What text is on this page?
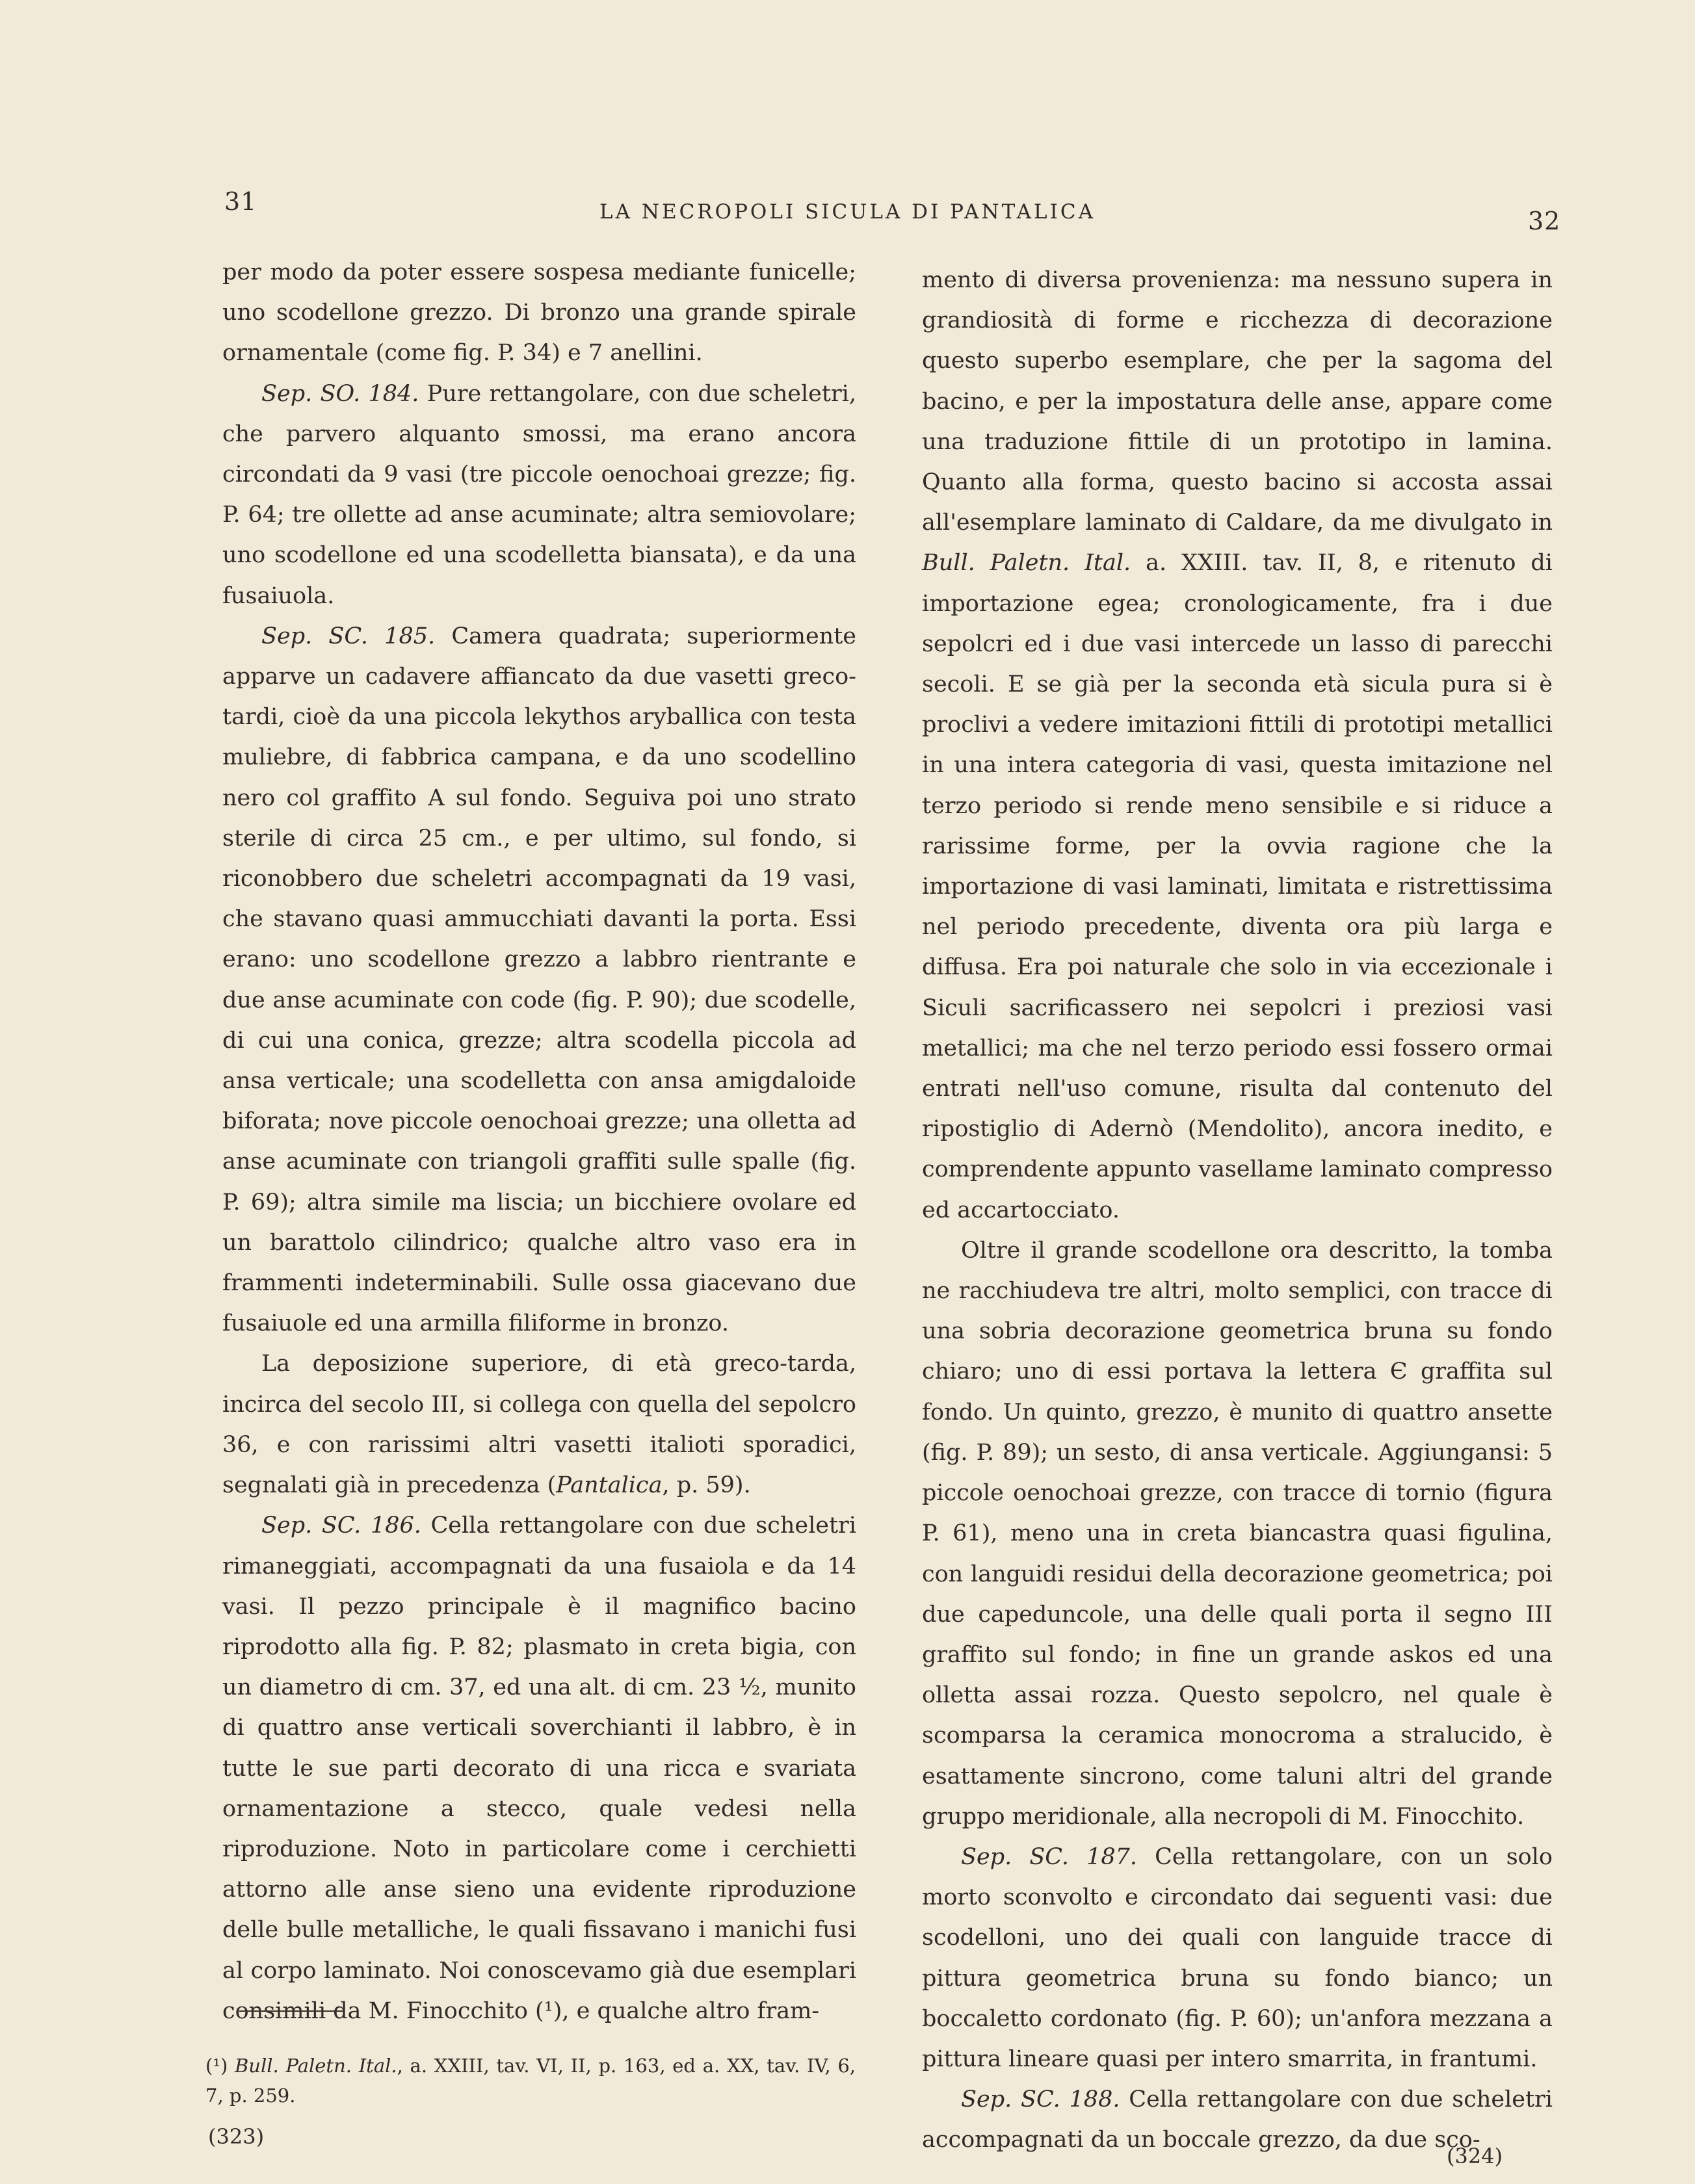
31	LA NECROPOLI SICULA DI PANTALICA	32

per modo da poter essere sospesa mediante funicelle; uno scodellone grezzo. Di bronzo una grande spirale ornamentale (come fig. P. 34) e 7 anellini.

Sep. SO. 184. Pure rettangolare, con due scheletri, che parvero alquanto smossi, ma erano ancora circondati da 9 vasi (tre piccole oenochoai grezze; fig. P. 64; tre ollette ad anse acuminate; altra semiovolare; uno scodellone ed una scodelletta biansata), e da una fusaiuola.

Sep. SC. 185. Camera quadrata; superiormente apparve un cadavere affiancato da due vasetti greco-tardi, cioè da una piccola lekythos aryballica con testa muliebre, di fabbrica campana, e da uno scodellino nero col graffito A sul fondo. Seguiva poi uno strato sterile di circa 25 cm., e per ultimo, sul fondo, si riconobbero due scheletri accompagnati da 19 vasi, che stavano quasi ammucchiati davanti la porta. Essi erano: uno scodellone grezzo a labbro rientrante e due anse acuminate con code (fig. P. 90); due scodelle, di cui una conica, grezze; altra scodella piccola ad ansa verticale; una scodelletta con ansa amigdaloide biforata; nove piccole oenochoai grezze; una olletta ad anse acuminate con triangoli graffiti sulle spalle (fig. P. 69); altra simile ma liscia; un bicchiere ovolare ed un barattolo cilindrico; qualche altro vaso era in frammenti indeterminabili. Sulle ossa giacevano due fusaiuole ed una armilla filiforme in bronzo.

La deposizione superiore, di età greco-tarda, incirca del secolo III, si collega con quella del sepolcro 36, e con rarissimi altri vasetti italioti sporadici, segnalati già in precedenza (Pantalica, p. 59).

Sep. SC. 186. Cella rettangolare con due scheletri rimaneggiati, accompagnati da una fusaiola e da 14 vasi. Il pezzo principale è il magnifico bacino riprodotto alla fig. P. 82; plasmato in creta bigia, con un diametro di cm. 37, ed una alt. di cm. 23 ½, munito di quattro anse verticali soverchianti il labbro, è in tutte le sue parti decorato di una ricca e svariata ornamentazione a stecco, quale vedesi nella riproduzione. Noto in particolare come i cerchietti attorno alle anse sieno una evidente riproduzione delle bulle metalliche, le quali fissavano i manichi fusi al corpo laminato. Noi conoscevamo già due esemplari consimili da M. Finocchito (¹), e qualche altro fram-

mento di diversa provenienza: ma nessuno supera in grandiosità di forme e ricchezza di decorazione questo superbo esemplare, che per la sagoma del bacino, e per la impostatura delle anse, appare come una traduzione fittile di un prototipo in lamina. Quanto alla forma, questo bacino si accosta assai all'esemplare laminato di Caldare, da me divulgato in Bull. Paletn. Ital. a. XXIII. tav. II, 8, e ritenuto di importazione egea; cronologicamente, fra i due sepolcri ed i due vasi intercede un lasso di parecchi secoli. E se già per la seconda età sicula pura si è proclivi a vedere imitazioni fittili di prototipi metallici in una intera categoria di vasi, questa imitazione nel terzo periodo si rende meno sensibile e si riduce a rarissime forme, per la ovvia ragione che la importazione di vasi laminati, limitata e ristrettissima nel periodo precedente, diventa ora più larga e diffusa. Era poi naturale che solo in via eccezionale i Siculi sacrificassero nei sepolcri i preziosi vasi metallici; ma che nel terzo periodo essi fossero ormai entrati nell'uso comune, risulta dal contenuto del ripostiglio di Adernò (Mendolito), ancora inedito, e comprendente appunto vasellame laminato compresso ed accartocciato.

Oltre il grande scodellone ora descritto, la tomba ne racchiudeva tre altri, molto semplici, con tracce di una sobria decorazione geometrica bruna su fondo chiaro; uno di essi portava la lettera Є graffita sul fondo. Un quinto, grezzo, è munito di quattro ansette (fig. P. 89); un sesto, di ansa verticale. Aggiungansi: 5 piccole oenochoai grezze, con tracce di tornio (figura P. 61), meno una in creta biancastra quasi figulina, con languidi residui della decorazione geometrica; poi due capeduncole, una delle quali porta il segno III graffito sul fondo; in fine un grande askos ed una olletta assai rozza. Questo sepolcro, nel quale è scomparsa la ceramica monocroma a stralucido, è esattamente sincrono, come taluni altri del grande gruppo meridionale, alla necropoli di M. Finocchito.

Sep. SC. 187. Cella rettangolare, con un solo morto sconvolto e circondato dai seguenti vasi: due scodelloni, uno dei quali con languide tracce di pittura geometrica bruna su fondo bianco; un boccaletto cordonato (fig. P. 60); un'anfora mezzana a pittura lineare quasi per intero smarrita, in frantumi.

Sep. SC. 188. Cella rettangolare con due scheletri accompagnati da un boccale grezzo, da due sco-

(¹) Bull. Paletn. Ital., a. XXIII, tav. VI, II, p. 163, ed a. XX, tav. IV, 6, 7, p. 259.
(323)
(324)
